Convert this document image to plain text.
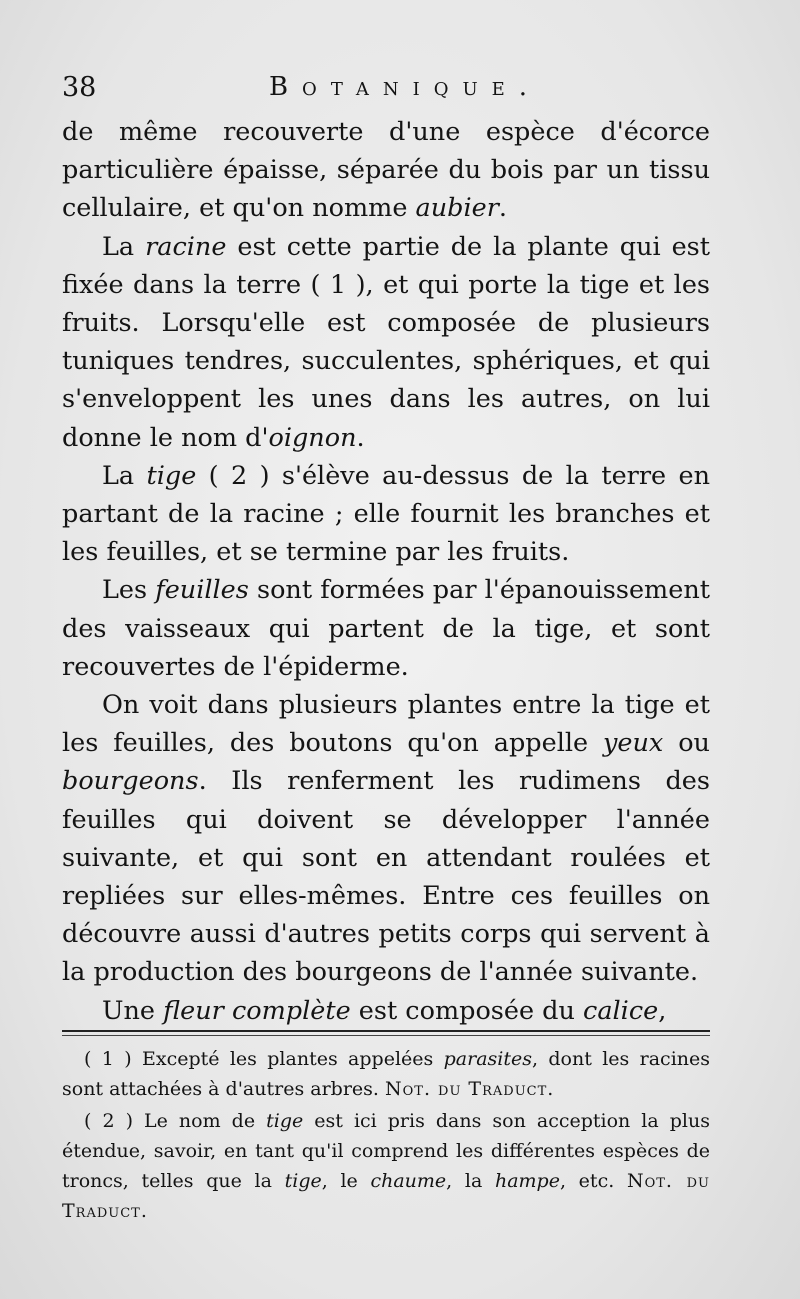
38	Botanique.

de même recouverte d'une espèce d'écorce particulière épaisse, séparée du bois par un tissu cellulaire, et qu'on nomme aubier.

La racine est cette partie de la plante qui est fixée dans la terre ( 1 ), et qui porte la tige et les fruits. Lorsqu'elle est composée de plusieurs tuniques tendres, succulentes, sphériques, et qui s'enveloppent les unes dans les autres, on lui donne le nom d'oignon.

La tige ( 2 ) s'élève au-dessus de la terre en partant de la racine ; elle fournit les branches et les feuilles, et se termine par les fruits.

Les feuilles sont formées par l'épanouissement des vaisseaux qui partent de la tige, et sont recouvertes de l'épiderme.

On voit dans plusieurs plantes entre la tige et les feuilles, des boutons qu'on appelle yeux ou bourgeons. Ils renferment les rudimens des feuilles qui doivent se développer l'année suivante, et qui sont en attendant roulées et repliées sur elles-mêmes. Entre ces feuilles on découvre aussi d'autres petits corps qui servent à la production des bourgeons de l'année suivante.

Une fleur complète est composée du calice,

( 1 ) Excepté les plantes appelées parasites, dont les racines sont attachées à d'autres arbres. Not. du Traduct.

( 2 ) Le nom de tige est ici pris dans son acception la plus étendue, savoir, en tant qu'il comprend les différentes espèces de troncs, telles que la tige, le chaume, la hampe, etc. Not. du Traduct.
